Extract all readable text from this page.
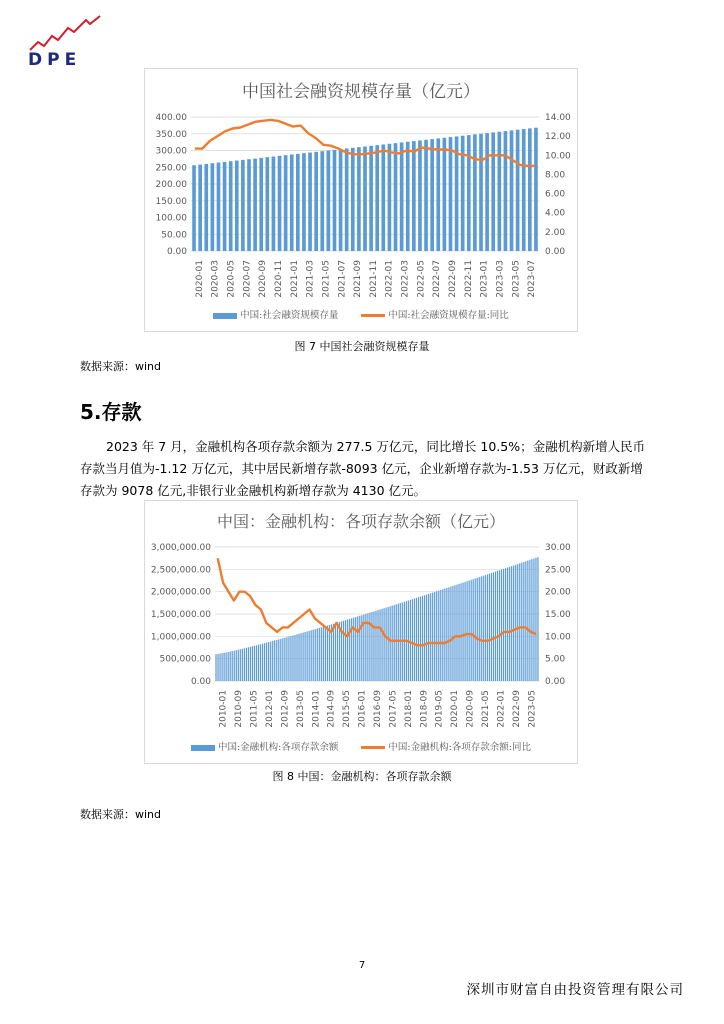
DPE
中国社会融资规模存量（亿元）
0.00
50.00
100.00
150.00
200.00
250.00
300.00
350.00
400.00
0.00
2.00
4.00
6.00
8.00
10.00
12.00
14.00
2020-01 2020-03 2020-05 2020-07 2020-09 2020-11 2021-01 2021-03 2021-05 2021-07 2021-09 2021-11 2022-01 2022-03 2022-05 2022-07 2022-09 2022-11 2023-01 2023-03 2023-05 2023-07
中国:社会融资规模存量	中国:社会融资规模存量:同比
图 7 中国社会融资规模存量
数据来源：wind
5.存款
2023 年 7 月，金融机构各项存款余额为 277.5 万亿元，同比增长 10.5%；金融机构新增人民币存款当月值为-1.12 万亿元，其中居民新增存款-8093 亿元，企业新增存款为-1.53 万亿元，财政新增存款为 9078 亿元,非银行业金融机构新增存款为 4130 亿元。
中国：金融机构：各项存款余额（亿元）
0.00
500,000.00
1,000,000.00
1,500,000.00
2,000,000.00
2,500,000.00
3,000,000.00
0.00
5.00
10.00
15.00
20.00
25.00
30.00
2010-01 2010-09 2011-05 2012-01 2012-09 2013-05 2014-01 2014-09 2015-05 2016-01 2016-09 2017-05 2018-01 2018-09 2019-05 2020-01 2020-09 2021-05 2022-01 2022-09 2023-05
中国:金融机构:各项存款余额	中国:金融机构:各项存款余额:同比
图 8 中国：金融机构：各项存款余额
数据来源：wind
7
深圳市财富自由投资管理有限公司
